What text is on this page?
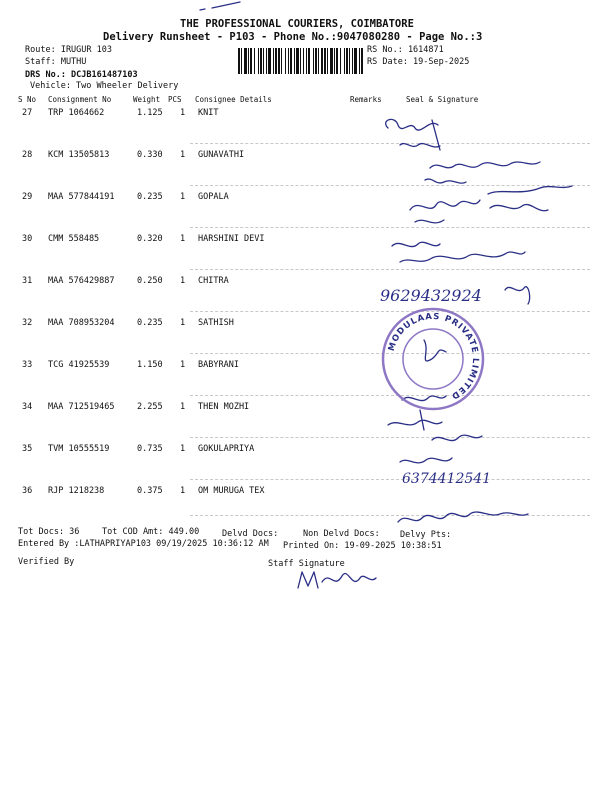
THE PROFESSIONAL COURIERS, COIMBATORE
Delivery Runsheet - P103 - Phone No.:9047080280 - Page No.:3
Route: IRUGUR 103
Staff: MUTHU
DRS No.: DCJB161487103
Vehicle: Two Wheeler Delivery
RS No.: 1614871
RS Date: 19-Sep-2025
S No Consignment No	Weight PCS Consignee Details	Remarks	Seal & Signature
27 TRP 1064662	1.125 1 KNIT
28 KCM 13505813	0.330 1 GUNAVATHI
29 MAA 577844191	0.235 1 GOPALA
30 CMM 558485	0.320 1 HARSHINI DEVI
31 MAA 576429887	0.250 1 CHITRA
32 MAA 708953204	0.235 1 SATHISH
33 TCG 41925539	1.150 1 BABYRANI
34 MAA 712519465	2.255 1 THEN MOZHI
35 TVM 10555519	0.735 1 GOKULAPRIYA
36 RJP 1218238	0.375 1 OM MURUGA TEX
Tot Docs: 36	Tot COD Amt: 449.00	Delvd Docs:	Non Delvd Docs: Delvy Pts:
Entered By :LATHAPRIYAP103 09/19/2025 10:36:12 AM Printed On: 19-09-2025 10:38:51
Verified By	Staff Signature
9629432924
6374412541
MODULAAS PRIVATE LIMITED
